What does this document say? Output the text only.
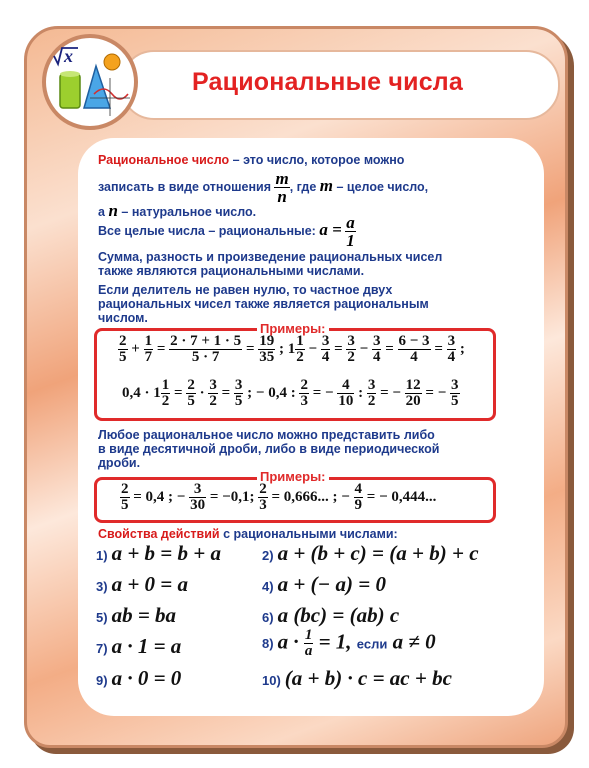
Рациональные числа
x
Рациональное число – это число, которое можно
записать в виде отношения $\frac{m}{n}$ , где m – целое число,
а n – натуральное число.
Все целые числа – рациональные: $a = \frac{a}{1}$
Сумма, разность и произведение рациональных чисел
также являются рациональными числами.
Если делитель не равен нулю, то частное двух
рациональных чисел также является рациональным
числом.
Примеры:
$\frac{2}{5} + \frac{1}{7} = \frac{2 \cdot 7 + 1 \cdot 5}{5 \cdot 7} = \frac{19}{35}$ ; $1 \frac{1}{2} - \frac{3}{4} = \frac{3}{2} - \frac{3}{4} = \frac{6 - 3}{4} = \frac{3}{4}$ ;
$0,4 \cdot 1 \frac{1}{2} = \frac{2}{5} \cdot \frac{3}{2} = \frac{3}{5}$ ; − 0,4 : $\frac{2}{3}$ = − $\frac{4}{10}$ : $\frac{3}{2}$ = − $\frac{12}{20}$ = − $\frac{3}{5}$
Любое рациональное число можно представить либо
в виде десятичной дроби, либо в виде периодической
дроби.
Примеры:
$\frac{2}{5} = 0,4$ ; − $\frac{3}{30} = -0,1$; $\frac{2}{3} = 0,666$... ; − $\frac{4}{9}$ = − 0,444...
Свойства действий с рациональными числами:
1) a + b = b + a	2) a + (b + c) = (a + b) + c
3) a + 0 = a	4) a + (− a) = 0
5) ab = ba	6) a (bc) = (ab) c
7) a · 1 = a	8) $a \cdot \frac{1}{a} = 1$, если a ≠ 0
9) a · 0 = 0	10) (a + b) · c = ac + bc
